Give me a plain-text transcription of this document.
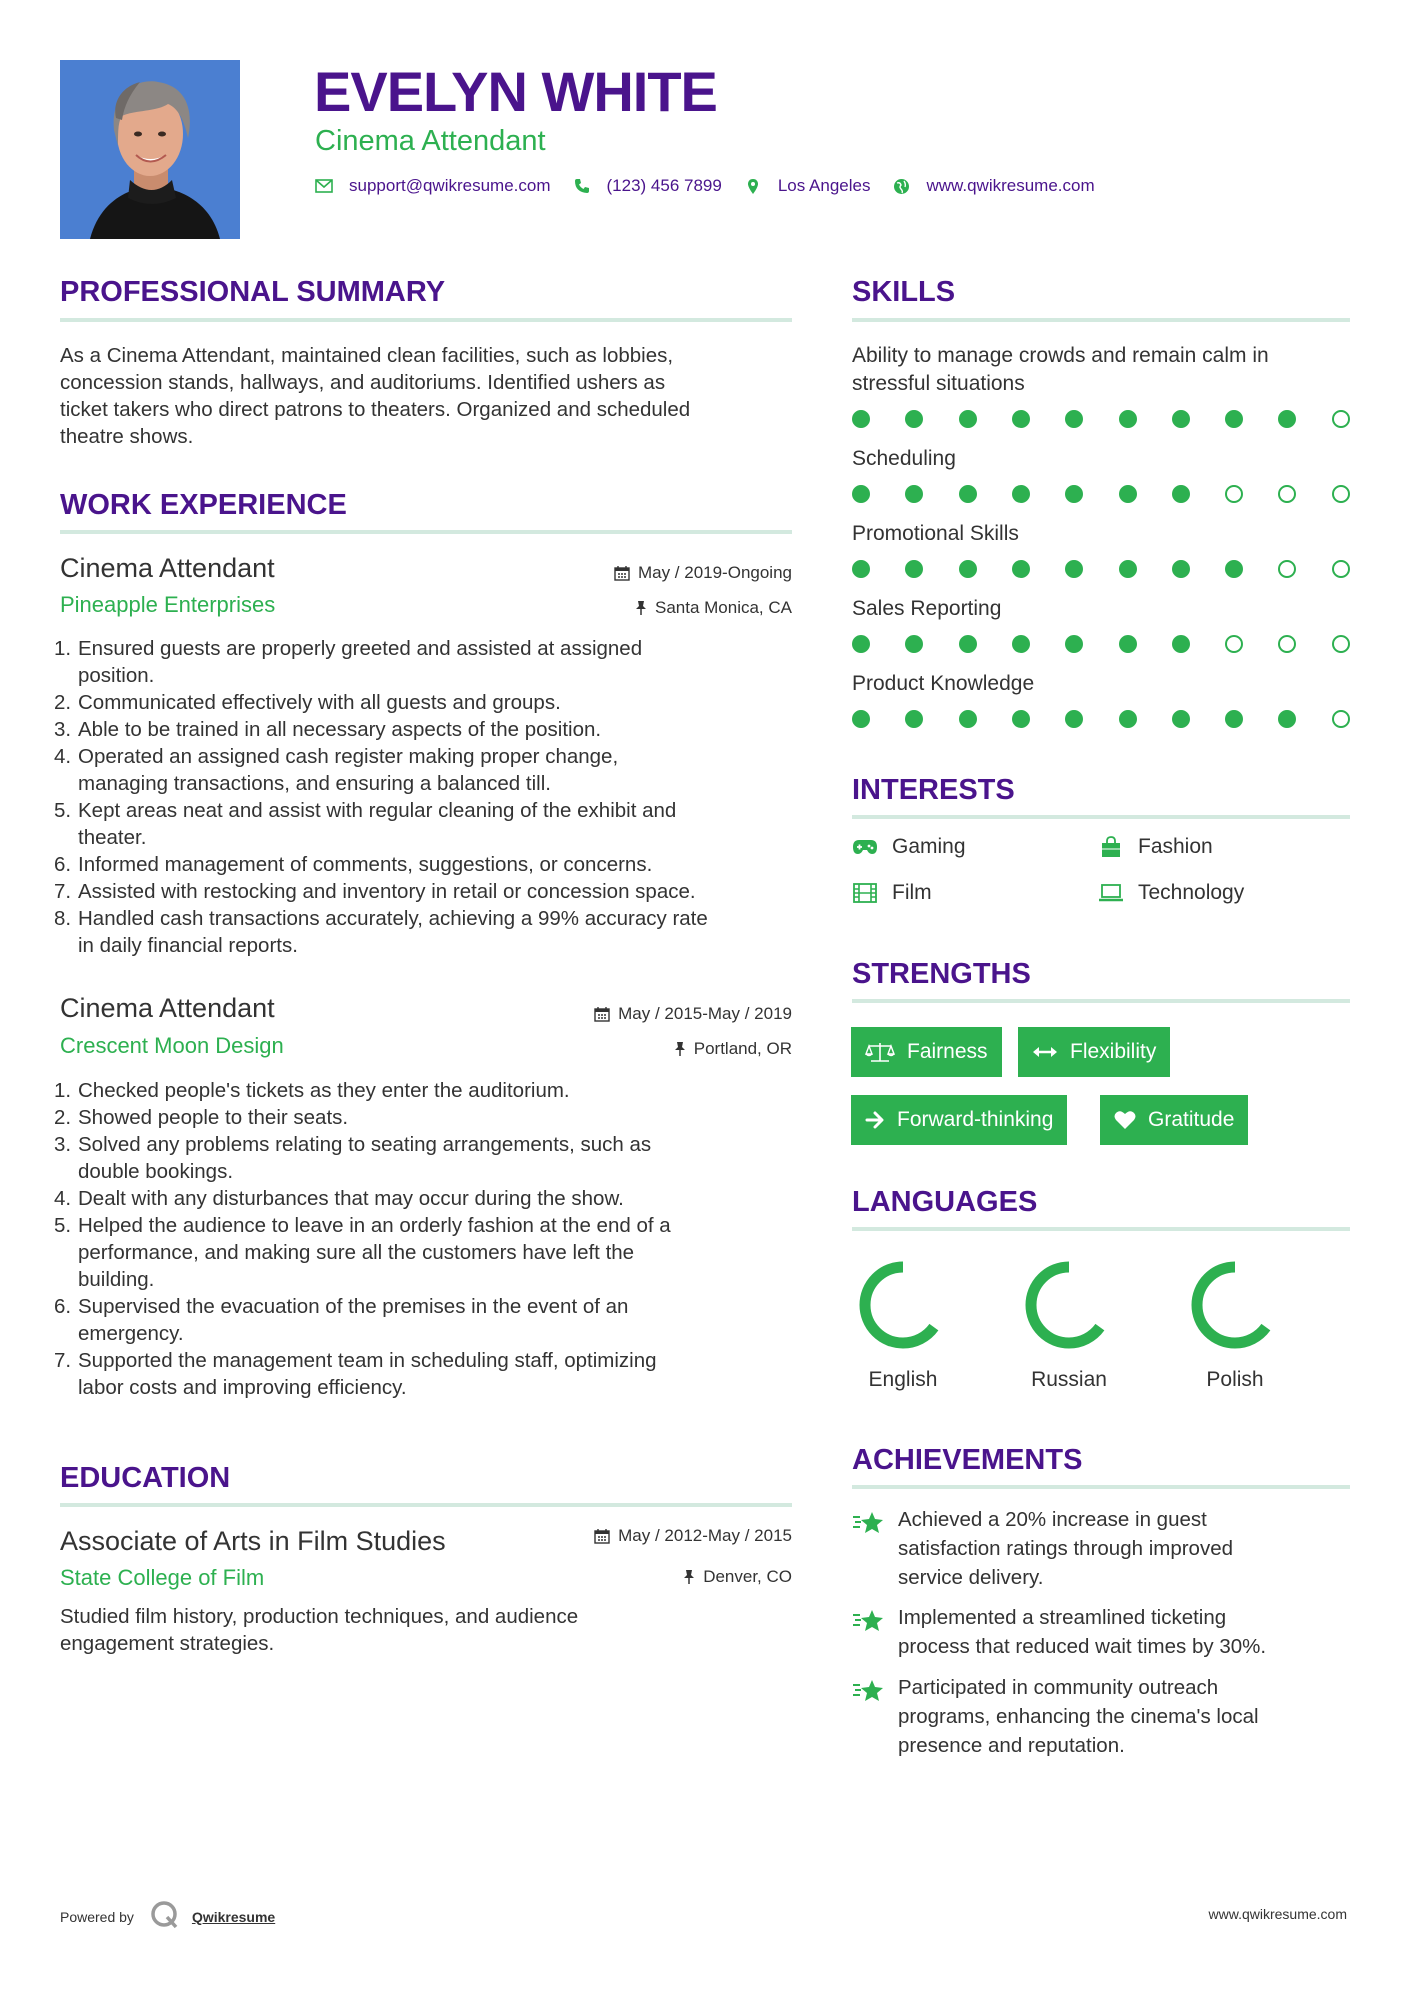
EVELYN WHITE
Cinema Attendant
support@qwikresume.com	(123) 456 7899	Los Angeles	www.qwikresume.com
PROFESSIONAL SUMMARY
As a Cinema Attendant, maintained clean facilities, such as lobbies,
concession stands, hallways, and auditoriums. Identified ushers as
ticket takers who direct patrons to theaters. Organized and scheduled
theatre shows.
WORK EXPERIENCE
Cinema Attendant	May / 2019-Ongoing
Pineapple Enterprises	Santa Monica, CA
1. Ensured guests are properly greeted and assisted at assigned
position.
2. Communicated effectively with all guests and groups.
3. Able to be trained in all necessary aspects of the position.
4. Operated an assigned cash register making proper change,
managing transactions, and ensuring a balanced till.
5. Kept areas neat and assist with regular cleaning of the exhibit and
theater.
6. Informed management of comments, suggestions, or concerns.
7. Assisted with restocking and inventory in retail or concession space.
8. Handled cash transactions accurately, achieving a 99% accuracy rate
in daily financial reports.
Cinema Attendant	May / 2015-May / 2019
Crescent Moon Design	Portland, OR
1. Checked people's tickets as they enter the auditorium.
2. Showed people to their seats.
3. Solved any problems relating to seating arrangements, such as
double bookings.
4. Dealt with any disturbances that may occur during the show.
5. Helped the audience to leave in an orderly fashion at the end of a
performance, and making sure all the customers have left the
building.
6. Supervised the evacuation of the premises in the event of an
emergency.
7. Supported the management team in scheduling staff, optimizing
labor costs and improving efficiency.
EDUCATION
Associate of Arts in Film Studies	May / 2012-May / 2015
State College of Film	Denver, CO
Studied film history, production techniques, and audience
engagement strategies.
SKILLS
Ability to manage crowds and remain calm in
stressful situations
Scheduling
Promotional Skills
Sales Reporting
Product Knowledge
INTERESTS
Gaming	Fashion
Film	Technology
STRENGTHS
Fairness	Flexibility
Forward-thinking	Gratitude
LANGUAGES
English	Russian	Polish
ACHIEVEMENTS
Achieved a 20% increase in guest
satisfaction ratings through improved
service delivery.
Implemented a streamlined ticketing
process that reduced wait times by 30%.
Participated in community outreach
programs, enhancing the cinema's local
presence and reputation.
Powered by	Qwikresume	www.qwikresume.com
